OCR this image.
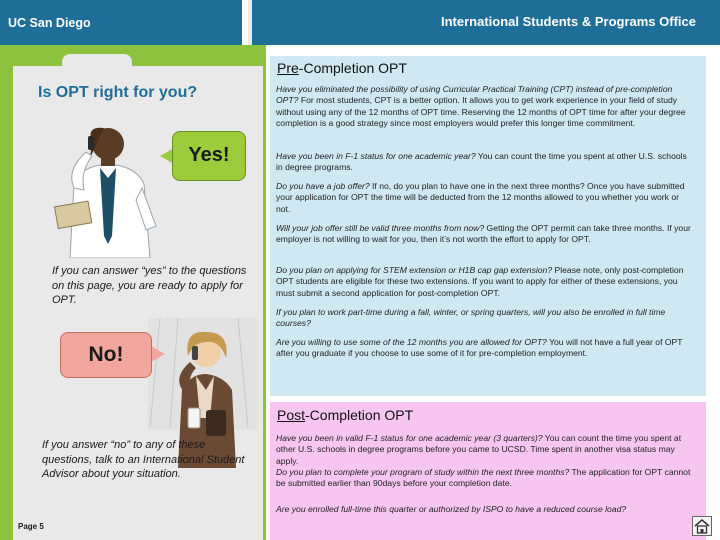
UC San Diego	International Students & Programs Office
Is OPT right for you?
Yes!
If you can answer “yes” to the questions on this page, you are ready to apply for OPT.
No!
If you answer “no” to any of these questions, talk to an International Student Advisor about your situation.
Page 5
Pre-Completion OPT
Have you eliminated the possibility of using Curricular Practical Training (CPT) instead of pre-completion OPT? For most students, CPT is a better option. It allows you to get work experience in your field of study without using any of the 12 months of OPT time. Reserving the 12 months of OPT time for after your degree completion is a good strategy since most employers would prefer this longer time commitment.
Have you been in F-1 status for one academic year? You can count the time you spent at other U.S. schools in degree programs.
Do you have a job offer? If no, do you plan to have one in the next three months? Once you have submitted your application for OPT the time will be deducted from the 12 months allowed to you whether you work or not.
Will your job offer still be valid three months from now? Getting the OPT permit can take three months. If your employer is not willing to wait for you, then it’s not worth the effort to apply for OPT.
Do you plan on applying for STEM extension or H1B cap gap extension? Please note, only post-completion OPT students are eligible for these two extensions. If you want to apply for either of these extensions, you must submit a second application for post-completion OPT.
If you plan to work part-time during a fall, winter, or spring quarters, will you also be enrolled in full time courses?
Are you willing to use some of the 12 months you are allowed for OPT? You will not have a full year of OPT after you graduate if you choose to use some of it for pre-completion employment.
Post-Completion OPT
Have you been in valid F-1 status for one academic year (3 quarters)? You can count the time you spent at other U.S. schools in degree programs before you came to UCSD. Time spent in another visa status may apply.
Do you plan to complete your program of study within the next three months? The application for OPT cannot be submitted earlier than 90days before your completion date.
Are you enrolled full-time this quarter or authorized by ISPO to have a reduced course load?
